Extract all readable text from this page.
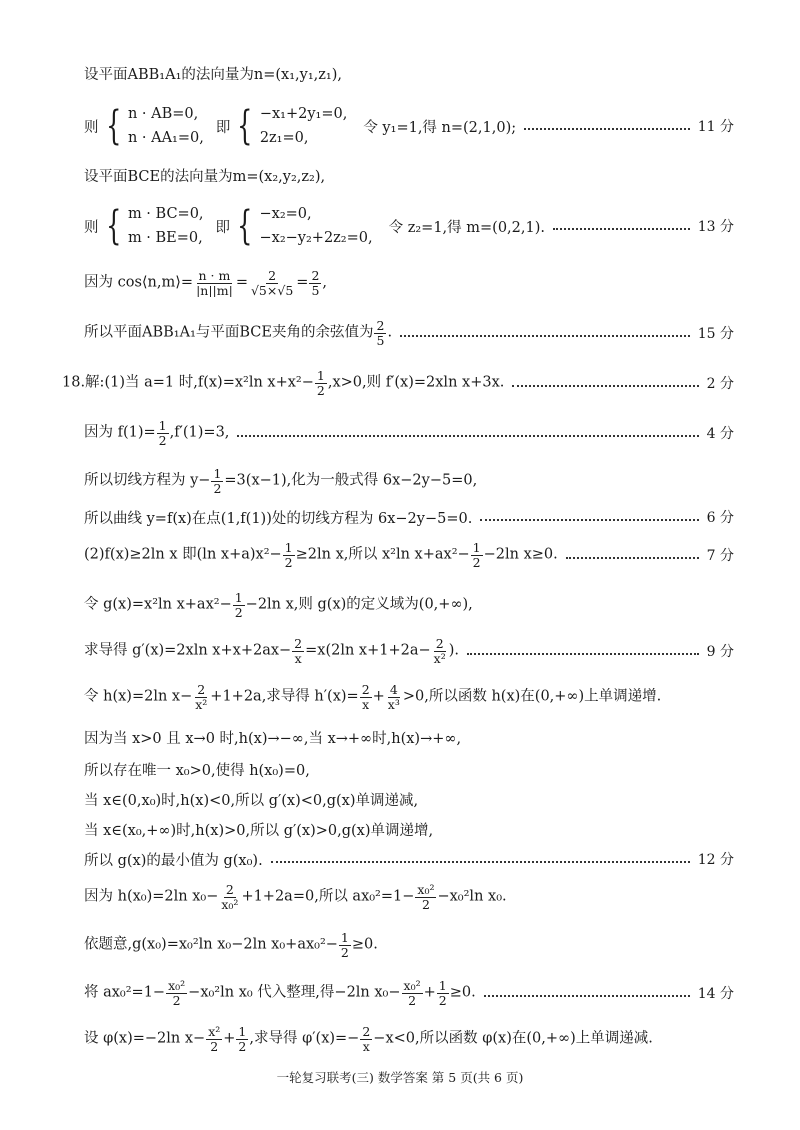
设平面ABB₁A₁的法向量为n=(x₁,y₁,z₁),
则 { n · AB=0,
n · AA₁=0,
即 { −x₁+2y₁=0,
2z₁=0,
令 y₁=1,得 n=(2,1,0);	11 分
设平面BCE的法向量为m=(x₂,y₂,z₂),
则 { m · BC=0,
m · BE=0,
即 { −x₂=0,
−x₂−y₂+2z₂=0,
令 z₂=1,得 m=(0,2,1).	13 分
因为 cos⟨n,m⟩= $\frac{n \cdot m}{|n||m|} = \frac{2}{√5\times√5} = \frac{2}{5}$ ,
所以平面ABB₁A₁与平面BCE夹角的余弦值为 $\frac{2}{5}$ .	15 分
18.解:(1)当 a=1 时,f(x)=x²ln $x+x^2- \frac{1}{2} ,x>0$,则 f′(x)=2xln x+3x.	2 分
因为 $f(1)= \frac{1}{2} ,f'(1)=3$,	4 分
所以切线方程为 $y- \frac{1}{2} =3(x-1)$,化为一般式得 6x−2y−5=0,
所以曲线 y=f(x)在点(1,f(1))处的切线方程为 6x−2y−5=0.	6 分
(2)f(x)≥2ln x 即(ln $x+a)x^2- \frac{1}{2} \ge 2\ln$ x,所以 x²ln $x+ax^2- \frac{1}{2} -2\ln$ x≥0.	7 分
令 g(x)=x²ln $x+ax^2- \frac{1}{2} -2\ln$ x,则 g(x)的定义域为(0,+∞),
求导得 g′(x)=2xln $x+x+2ax- \frac{2}{x} =x(2\ln$ $x+1+2a- \frac{2}{\text{x²}}$ ).	9 分
令 h(x)=2ln $x- \frac{2}{\text{x²}} +1+2a$,求导得 $h'(x)= \frac{2}{x} + \frac{4}{\text{x³}} >0$,所以函数 h(x)在(0,+∞)上单调递增.
因为当 x>0 且 x→0 时,h(x)→−∞,当 x→+∞时,h(x)→+∞,
所以存在唯一 x₀>0,使得 h(x₀)=0,
当 x∈(0,x₀)时,h(x)<0,所以 g′(x)<0,g(x)单调递减,
当 x∈(x₀,+∞)时,h(x)>0,所以 g′(x)>0,g(x)单调递增,
所以 g(x)的最小值为 g(x₀).	12 分
因为 h(x₀)=2ln $x_0- \frac{2}{\text{x₀²}} +1+2a=0$,所以 $ax_0^2=1- \frac{\text{x₀²}}{2} -x_0^2\ln$ x₀.
依题意,g(x₀)=x₀²ln x₀−2ln $x_0+ax_0^2- \frac{1}{2} \ge 0$.
将 $ax_0^2=1- \frac{\text{x₀²}}{2} -x_0^2\ln$ x₀ 代入整理,得−2ln $x_0- \frac{\text{x₀²}}{2} + \frac{1}{2} \ge 0$.	14 分
设 φ(x)=−2ln $x- \frac{\text{x²}}{2} + \frac{1}{2}$ ,求导得 $\varphi'(x)=- \frac{2}{x} -x<0$,所以函数 φ(x)在(0,+∞)上单调递减.
一轮复习联考(三) 数学答案 第 5 页(共 6 页)
